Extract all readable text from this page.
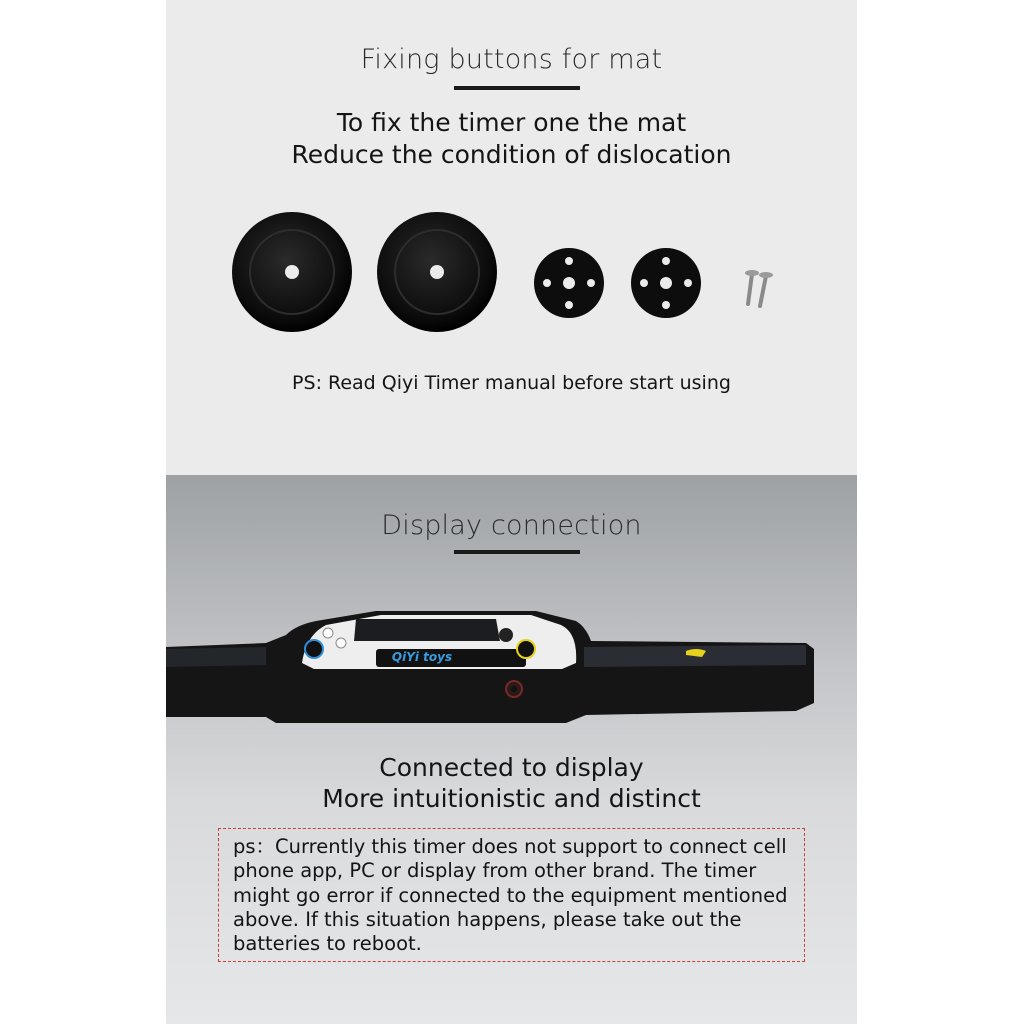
Fixing buttons for mat
To fix the timer one the mat
Reduce the condition of dislocation
PS: Read Qiyi Timer manual before start using
Display connection
QiYi toys
Connected to display
More intuitionistic and distinct
ps：Currently this timer does not support to connect cell phone app, PC or display from other brand. The timer might go error if connected to the equipment mentioned above. If this situation happens, please take out the batteries to reboot.
